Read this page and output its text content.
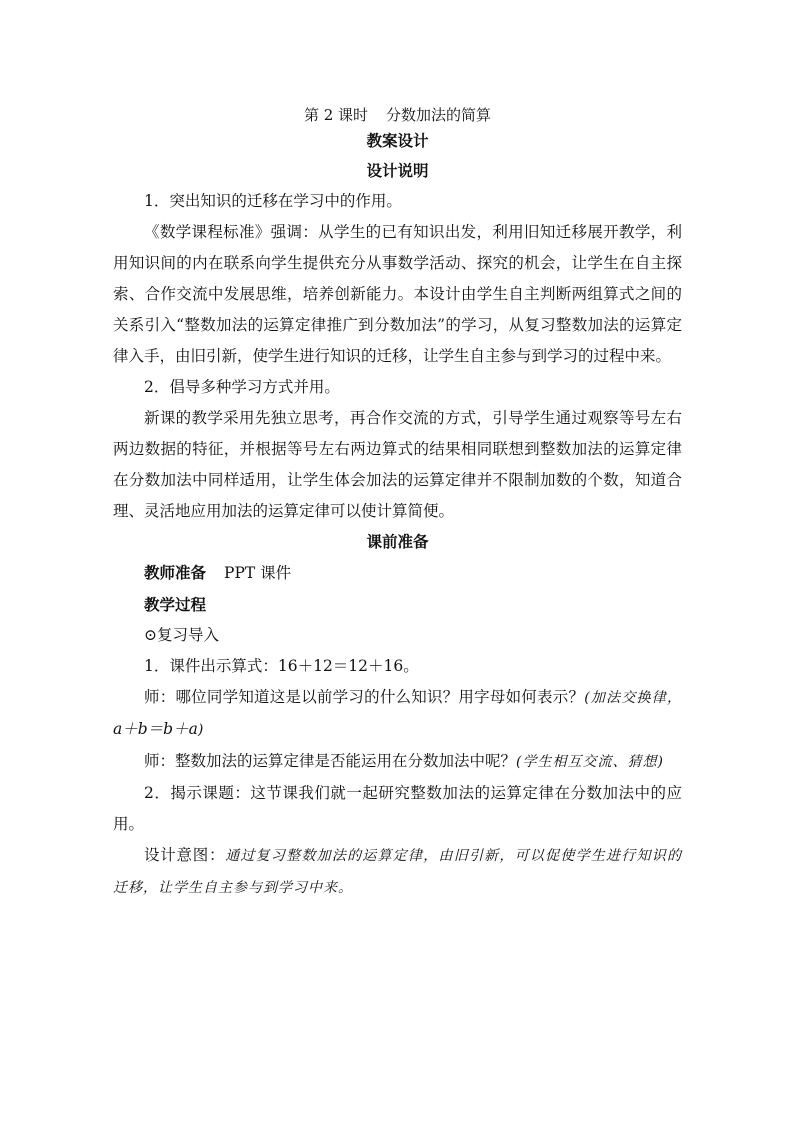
第 2 课时 分数加法的简算
教案设计
设计说明

1．突出知识的迁移在学习中的作用。

《数学课程标准》强调：从学生的已有知识出发，利用旧知迁移展开教学，利用知识间的内在联系向学生提供充分从事数学活动、探究的机会，让学生在自主探索、合作交流中发展思维，培养创新能力。本设计由学生自主判断两组算式之间的关系引入“整数加法的运算定律推广到分数加法”的学习，从复习整数加法的运算定律入手，由旧引新，使学生进行知识的迁移，让学生自主参与到学习的过程中来。

2．倡导多种学习方式并用。

新课的教学采用先独立思考，再合作交流的方式，引导学生通过观察等号左右两边数据的特征，并根据等号左右两边算式的结果相同联想到整数加法的运算定律在分数加法中同样适用，让学生体会加法的运算定律并不限制加数的个数，知道合理、灵活地应用加法的运算定律可以使计算简便。

课前准备

教师准备 PPT 课件

教学过程

⊙复习导入

1．课件出示算式：16＋12＝12＋16。

师：哪位同学知道这是以前学习的什么知识？用字母如何表示？(加法交换律，a＋b＝b＋a)

师：整数加法的运算定律是否能运用在分数加法中呢？(学生相互交流、猜想)

2．揭示课题：这节课我们就一起研究整数加法的运算定律在分数加法中的应用。

设计意图：通过复习整数加法的运算定律，由旧引新，可以促使学生进行知识的迁移，让学生自主参与到学习中来。
